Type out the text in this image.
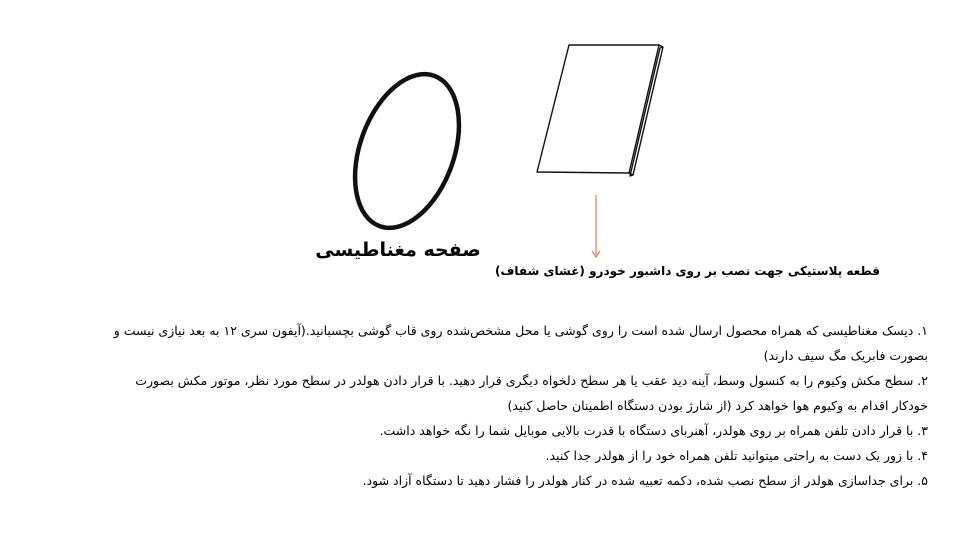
صفحه مغناطیسی
قطعه پلاستیکی جهت نصب بر روی داشبور خودرو (غشای شفاف)

۱. دیسک مغناطیسی که همراه محصول ارسال شده است را روی گوشی یا محل مشخص‌شده روی قاب گوشی بچسبانید.(آیفون سری ۱۲ به بعد نیازی نیست و

بصورت فابریک مگ سیف دارند)

۲. سطح مکش وکیوم را به کنسول وسط، آینه دید عقب یا هر سطح دلخواه دیگری قرار دهید. با قرار دادن هولدر در سطح مورد نظر، موتور مکش بصورت

خودکار اقدام به وکیوم هوا خواهد کرد (از شارژ بودن دستگاه اطمینان حاصل کنید)

۳. با قرار دادن تلفن همراه بر روی هولدر، آهنربای دستگاه با قدرت بالایی موبایل شما را نگه خواهد داشت.

۴. با زور یک دست به راحتی میتوانید تلفن همراه خود را از هولدر جدا کنید.

۵. برای جداسازی هولدر از سطح نصب شده، دکمه تعبیه شده در کنار هولدر را فشار دهید تا دستگاه آزاد شود.
